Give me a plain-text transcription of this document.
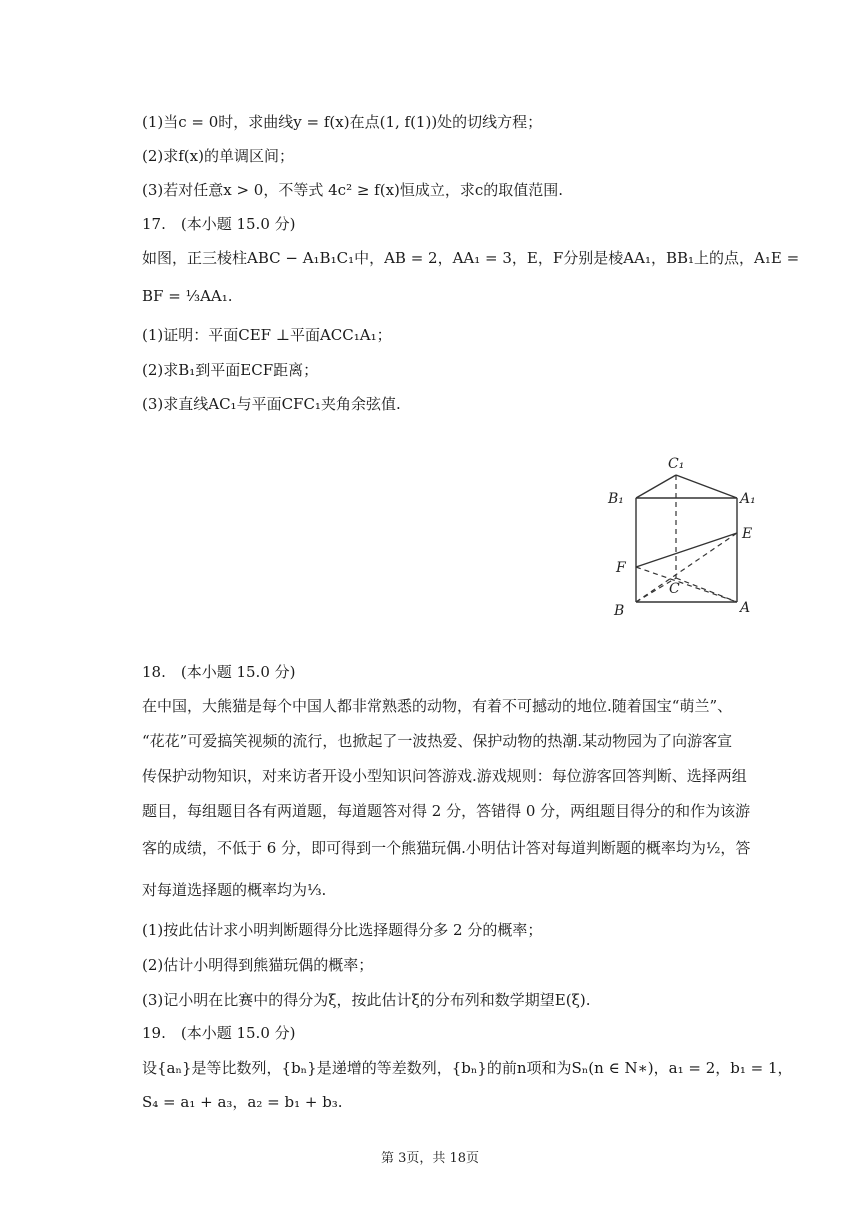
(1)当c = 0时，求曲线y = f(x)在点(1, f(1))处的切线方程；
(2)求f(x)的单调区间；
(3)若对任意x > 0，不等式 4c² ≥ f(x)恒成立，求c的取值范围.
17.　(本小题 15.0 分)
如图，正三棱柱ABC − A₁B₁C₁中，AB = 2，AA₁ = 3，E，F分别是棱AA₁，BB₁上的点，A₁E =
BF = ⅓AA₁.
(1)证明：平面CEF ⊥平面ACC₁A₁；
(2)求B₁到平面ECF距离；
(3)求直线AC₁与平面CFC₁夹角余弦值.
C₁
B₁	A₁
E
F
C
B	A
18.　(本小题 15.0 分)
在中国，大熊猫是每个中国人都非常熟悉的动物，有着不可撼动的地位.随着国宝“萌兰”、
“花花”可爱搞笑视频的流行，也掀起了一波热爱、保护动物的热潮.某动物园为了向游客宣
传保护动物知识，对来访者开设小型知识问答游戏.游戏规则：每位游客回答判断、选择两组
题目，每组题目各有两道题，每道题答对得 2 分，答错得 0 分，两组题目得分的和作为该游
客的成绩，不低于 6 分，即可得到一个熊猫玩偶.小明估计答对每道判断题的概率均为½，答
对每道选择题的概率均为⅓.
(1)按此估计求小明判断题得分比选择题得分多 2 分的概率；
(2)估计小明得到熊猫玩偶的概率；
(3)记小明在比赛中的得分为ξ，按此估计ξ的分布列和数学期望E(ξ).
19.　(本小题 15.0 分)
设{aₙ}是等比数列，{bₙ}是递增的等差数列，{bₙ}的前n项和为Sₙ(n ∈ N∗)，a₁ = 2，b₁ = 1，
S₄ = a₁ + a₃，a₂ = b₁ + b₃.
第 3页，共 18页
